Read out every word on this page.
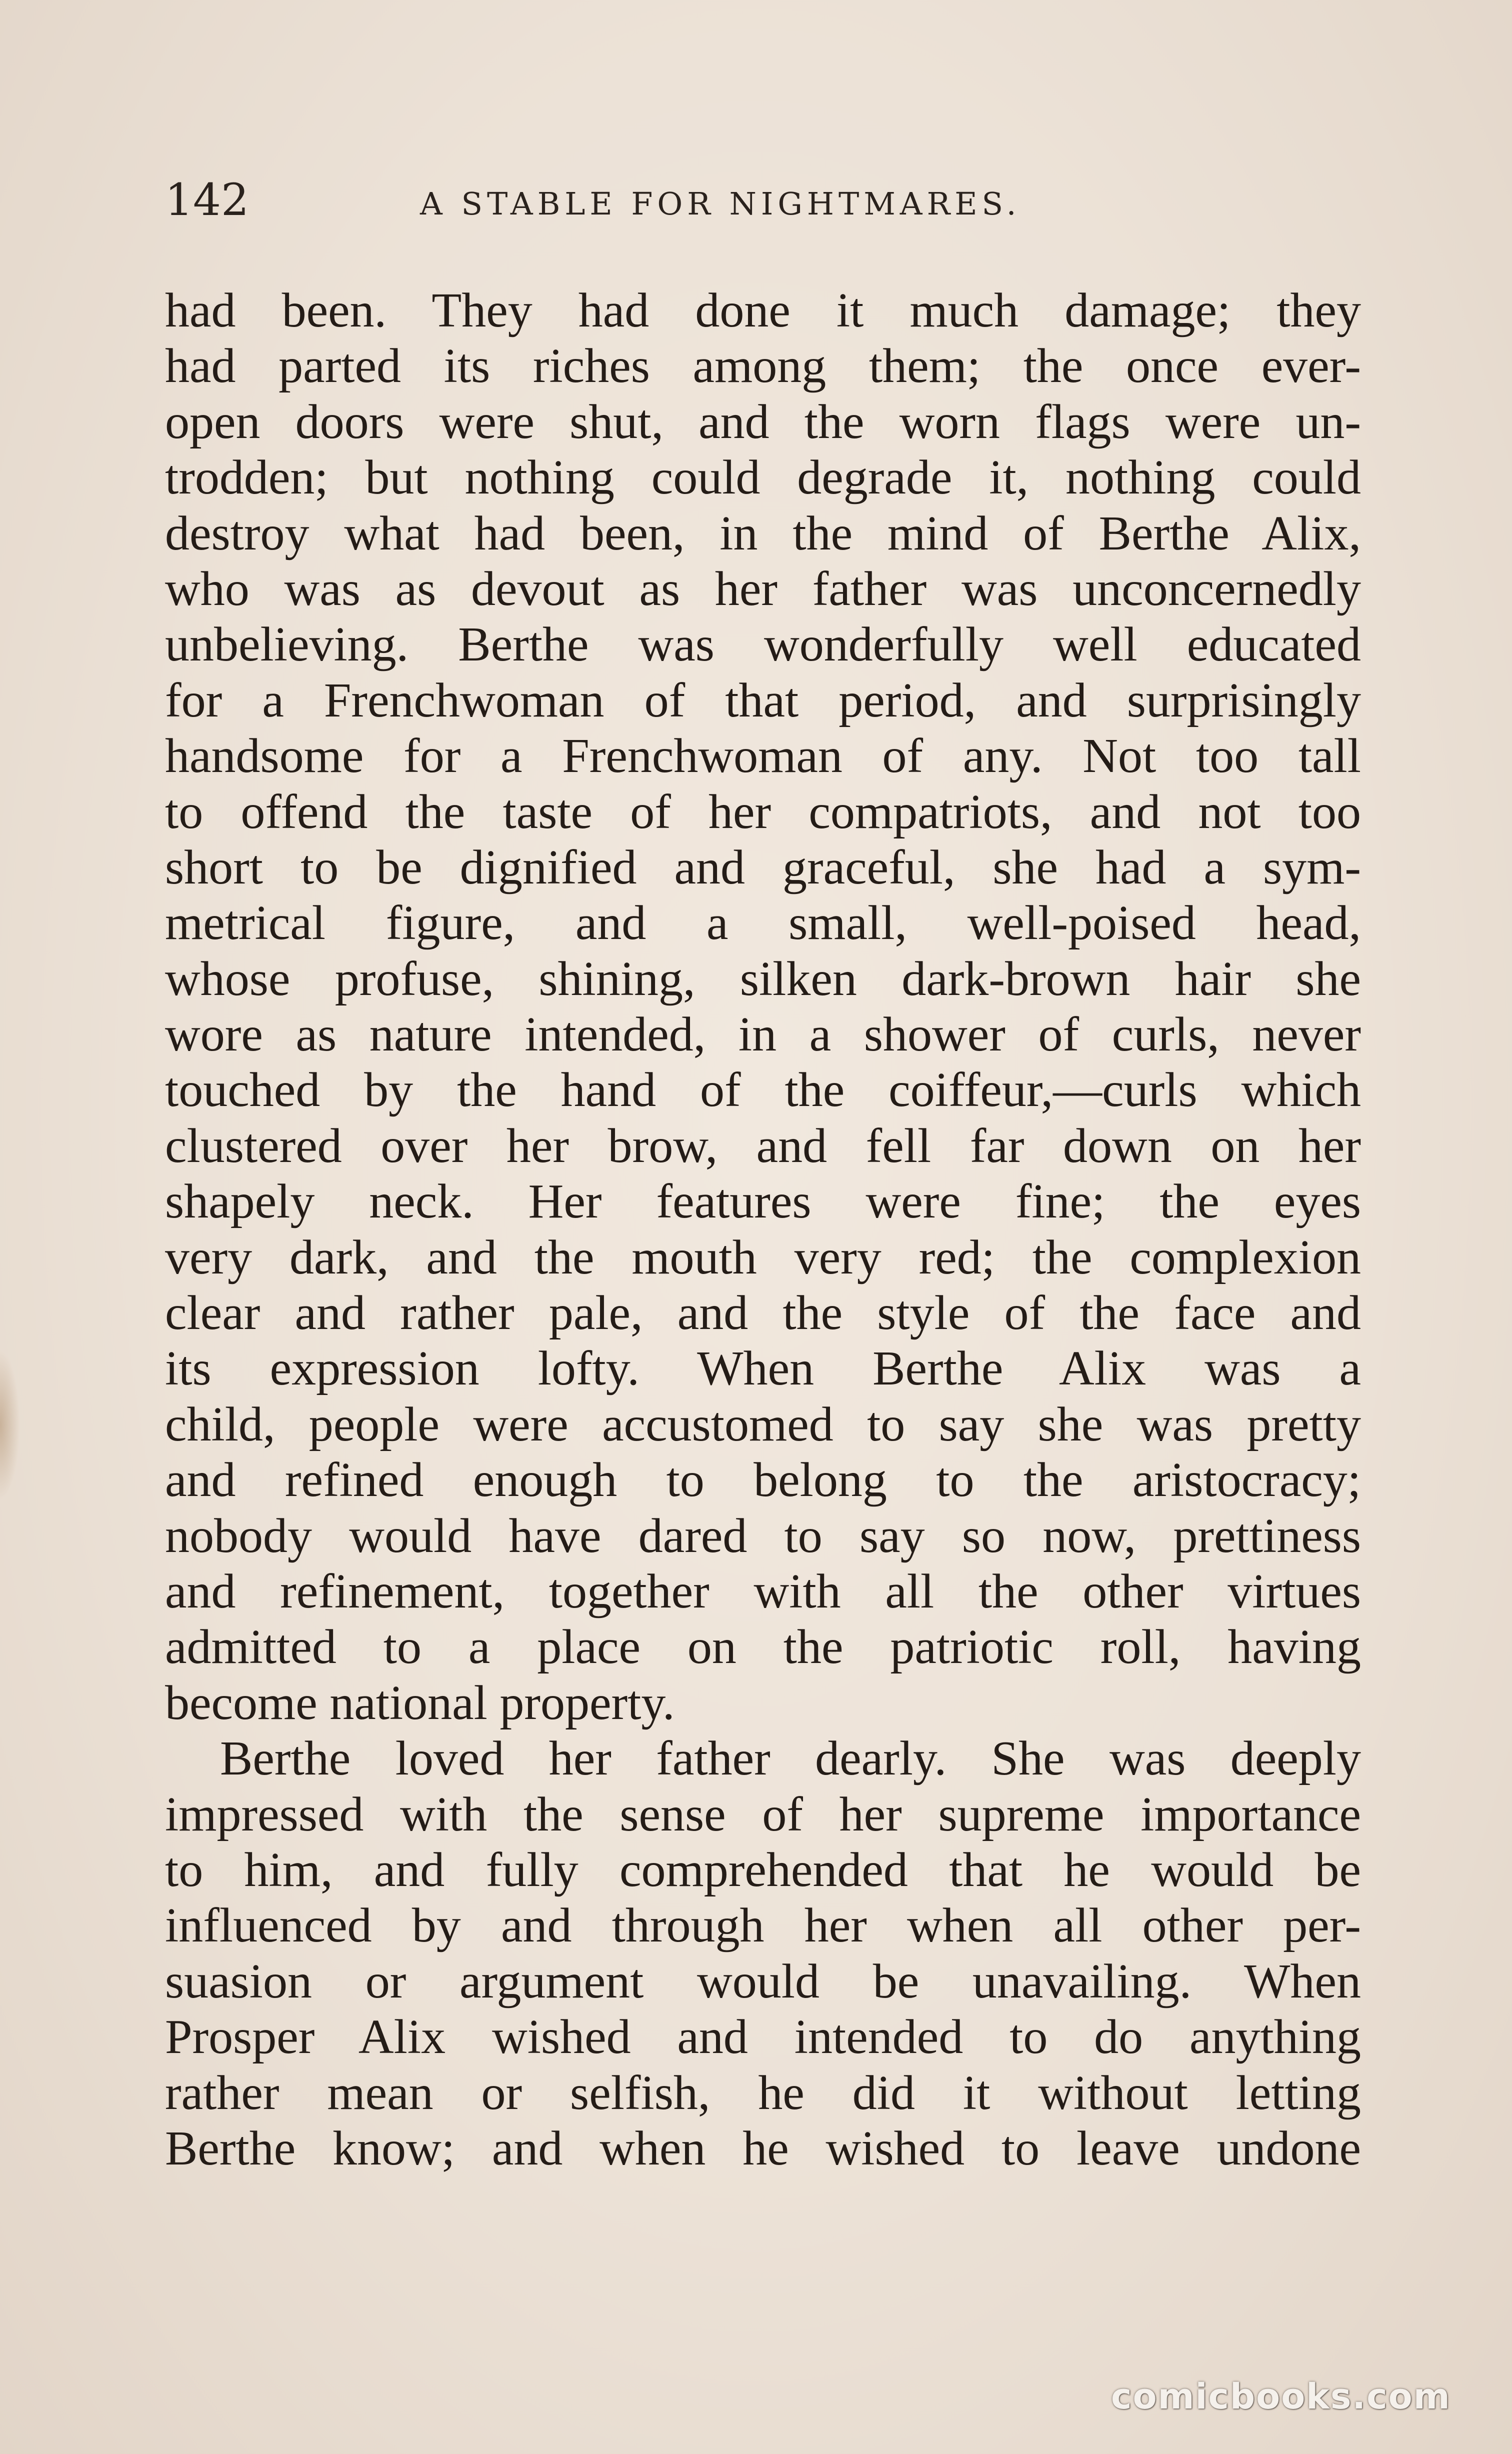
142	A STABLE FOR NIGHTMARES.
had been. They had done it much damage; they
had parted its riches among them; the once ever-
open doors were shut, and the worn flags were un-
trodden; but nothing could degrade it, nothing could
destroy what had been, in the mind of Berthe Alix,
who was as devout as her father was unconcernedly
unbelieving. Berthe was wonderfully well educated
for a Frenchwoman of that period, and surprisingly
handsome for a Frenchwoman of any. Not too tall
to offend the taste of her compatriots, and not too
short to be dignified and graceful, she had a sym-
metrical figure, and a small, well-poised head,
whose profuse, shining, silken dark-brown hair she
wore as nature intended, in a shower of curls, never
touched by the hand of the coiffeur,—curls which
clustered over her brow, and fell far down on her
shapely neck. Her features were fine; the eyes
very dark, and the mouth very red; the complexion
clear and rather pale, and the style of the face and
its expression lofty. When Berthe Alix was a
child, people were accustomed to say she was pretty
and refined enough to belong to the aristocracy;
nobody would have dared to say so now, prettiness
and refinement, together with all the other virtues
admitted to a place on the patriotic roll, having
become national property.
Berthe loved her father dearly. She was deeply
impressed with the sense of her supreme importance
to him, and fully comprehended that he would be
influenced by and through her when all other per-
suasion or argument would be unavailing. When
Prosper Alix wished and intended to do anything
rather mean or selfish, he did it without letting
Berthe know; and when he wished to leave undone
comicbooks.com
